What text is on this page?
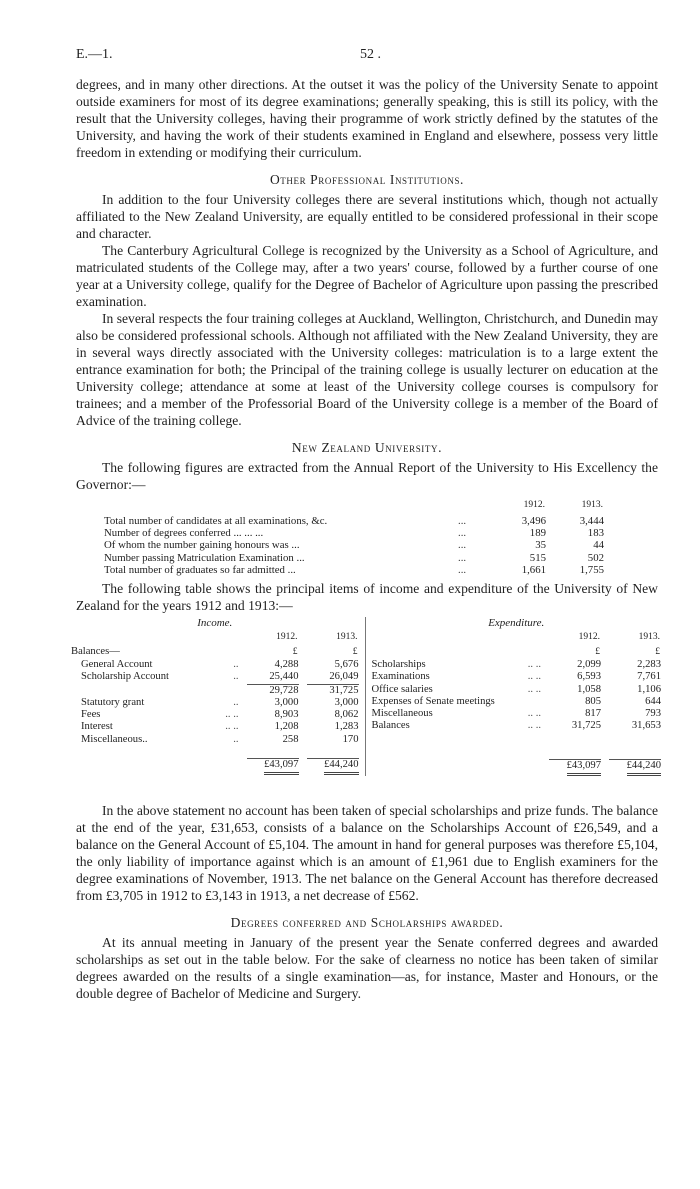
E.—1.	52 .

degrees, and in many other directions. At the outset it was the policy of the University Senate to appoint outside examiners for most of its degree examinations; generally speaking, this is still its policy, with the result that the University colleges, having their programme of work strictly defined by the statutes of the University, and having the work of their students examined in England and elsewhere, possess very little freedom in extending or modifying their curriculum.

Other Professional Institutions.

In addition to the four University colleges there are several institutions which, though not actually affiliated to the New Zealand University, are equally entitled to be considered professional in their scope and character.

The Canterbury Agricultural College is recognized by the University as a School of Agriculture, and matriculated students of the College may, after a two years' course, followed by a further course of one year at a University college, qualify for the Degree of Bachelor of Agriculture upon passing the prescribed examination.

In several respects the four training colleges at Auckland, Wellington, Christchurch, and Dunedin may also be considered professional schools. Although not affiliated with the New Zealand University, they are in several ways directly associated with the University colleges: matriculation is to a large extent the entrance examination for both; the Principal of the training college is usually lecturer on education at the University college; attendance at some at least of the University college courses is compulsory for trainees; and a member of the Professorial Board of the University college is a member of the Board of Advice of the training college.

New Zealand University.

The following figures are extracted from the Annual Report of the University to His Excellency the Governor:—

		1912.	1913.
Total number of candidates at all examinations, &c.	...	3,496	3,444
Number of degrees conferred ... ... ...	...	189	183
Of whom the number gaining honours was ...	...	35	44
Number passing Matriculation Examination ...	...	515	502
Total number of graduates so far admitted ...	...	1,661	1,755

The following table shows the principal items of income and expenditure of the University of New Zealand for the years 1912 and 1913:—

Income.
		1912.	1913.
Balances—		£	£
General Account	..	4,288	5,676
Scholarship Account	..	25,440	26,049

		29,728	31,725
Statutory grant	..	3,000	3,000
Fees	.. ..	8,903	8,062
Interest	.. ..	1,208	1,283
Miscellaneous..	..	258	170

		£43,097	£44,240
Expenditure.
		1912.	1913.
		£	£
Scholarships	.. ..	2,099	2,283
Examinations	.. ..	6,593	7,761
Office salaries	.. ..	1,058	1,106
Expenses of Senate meetings		805	644
Miscellaneous	.. ..	817	793
Balances	.. ..	31,725	31,653

		£43,097	£44,240

In the above statement no account has been taken of special scholarships and prize funds. The balance at the end of the year, £31,653, consists of a balance on the Scholarships Account of £26,549, and a balance on the General Account of £5,104. The amount in hand for general purposes was therefore £5,104, the only liability of importance against which is an amount of £1,961 due to English examiners for the degree examinations of November, 1913. The net balance on the General Account has therefore decreased from £3,705 in 1912 to £3,143 in 1913, a net decrease of £562.

Degrees conferred and Scholarships awarded.

At its annual meeting in January of the present year the Senate conferred degrees and awarded scholarships as set out in the table below. For the sake of clearness no notice has been taken of similar degrees awarded on the results of a single examination—as, for instance, Master and Honours, or the double degree of Bachelor of Medicine and Surgery.
